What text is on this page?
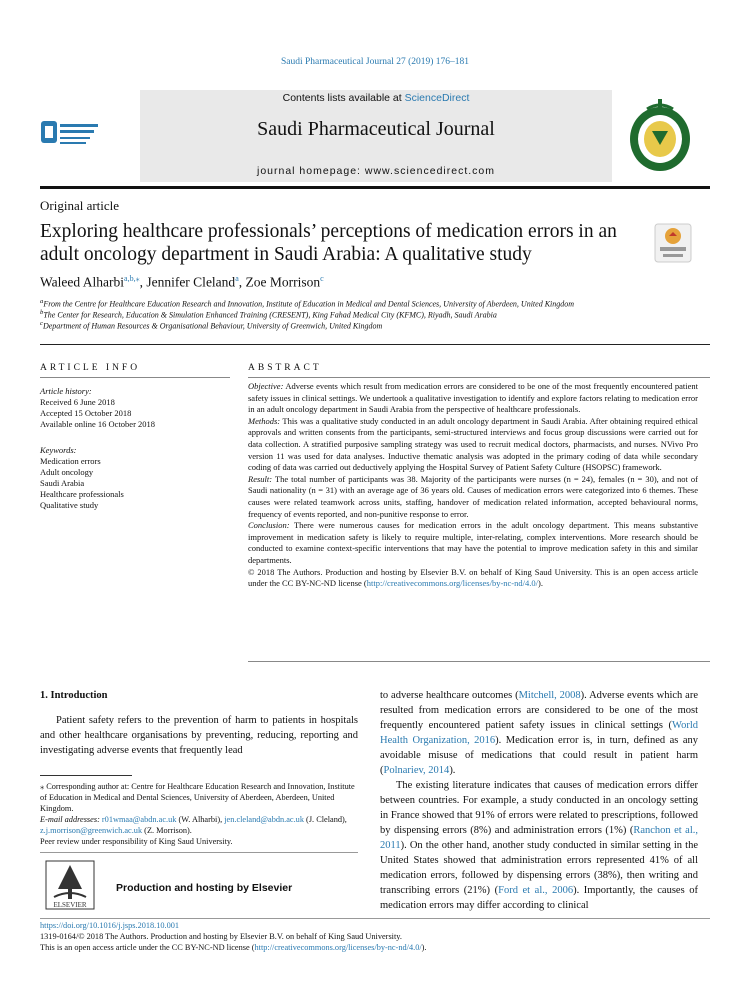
Saudi Pharmaceutical Journal 27 (2019) 176–181
Contents lists available at ScienceDirect
Saudi Pharmaceutical Journal
journal homepage: www.sciencedirect.com
Original article
Exploring healthcare professionals’ perceptions of medication errors in an adult oncology department in Saudi Arabia: A qualitative study
Waleed Alharbi$^{a,b,⁎}$, Jennifer Cleland$^a$, Zoe Morrison$^c$
$^a$From the Centre for Healthcare Education Research and Innovation, Institute of Education in Medical and Dental Sciences, University of Aberdeen, United Kingdom
$^b$The Center for Research, Education & Simulation Enhanced Training (CRESENT), King Fahad Medical City (KFMC), Riyadh, Saudi Arabia
$^c$Department of Human Resources & Organisational Behaviour, University of Greenwich, United Kingdom
ARTICLE INFO
Article history:
Received 6 June 2018
Accepted 15 October 2018
Available online 16 October 2018
Keywords:
Medication errors
Adult oncology
Saudi Arabia
Healthcare professionals
Qualitative study
ABSTRACT

Objective: Adverse events which result from medication errors are considered to be one of the most frequently encountered patient safety issues in clinical settings. We undertook a qualitative investigation to identify and explore factors relating to medication error in an adult oncology department in Saudi Arabia from the perspective of healthcare professionals.

Methods: This was a qualitative study conducted in an adult oncology department in Saudi Arabia. After obtaining required ethical approvals and written consents from the participants, semi-structured interviews and focus group discussions were carried out for data collection. A stratified purposive sampling strategy was used to recruit medical doctors, pharmacists, and nurses. NVivo Pro version 11 was used for data analyses. Inductive thematic analysis was adopted in the primary coding of data while secondary coding of data was carried out deductively applying the Hospital Survey of Patient Safety Culture (HSOPSC) framework.

Result: The total number of participants was 38. Majority of the participants were nurses (n = 24), females (n = 30), and not of Saudi nationality (n = 31) with an average age of 36 years old. Causes of medication errors were categorized into 6 themes. These causes were related teamwork across units, staffing, handover of medication related information, accepted behavioural norms, frequency of events reported, and non-punitive response to error.

Conclusion: There were numerous causes for medication errors in the adult oncology department. This means substantive improvement in medication safety is likely to require multiple, inter-relating, complex interventions. More research should be conducted to examine context-specific interventions that may have the potential to improve medication safety in this and similar departments.

© 2018 The Authors. Production and hosting by Elsevier B.V. on behalf of King Saud University. This is an open access article under the CC BY-NC-ND license (http://creativecommons.org/licenses/by-nc-nd/4.0/).

1. Introduction

Patient safety refers to the prevention of harm to patients in hospitals and other healthcare organisations by preventing, reducing, reporting and investigating adverse events that frequently lead

⁎ Corresponding author at: Centre for Healthcare Education Research and Innovation, Institute of Education in Medical and Dental Sciences, University of Aberdeen, Aberdeen, United Kingdom.

E-mail addresses: r01wmaa@abdn.ac.uk (W. Alharbi), jen.cleland@abdn.ac.uk (J. Cleland), z.j.morrison@greenwich.ac.uk (Z. Morrison).

Peer review under responsibility of King Saud University.

ELSEVIER
Production and hosting by Elsevier

to adverse healthcare outcomes (Mitchell, 2008). Adverse events which are resulted from medication errors are considered to be one of the most frequently encountered patient safety issues in clinical settings (World Health Organization, 2016). Medication error is, in turn, defined as any avoidable misuse of medications that could result in patient harm (Polnariev, 2014).

The existing literature indicates that causes of medication errors differ between countries. For example, a study conducted in an oncology setting in France showed that 91% of errors were related to prescriptions, followed by dispensing errors (8%) and administration errors (1%) (Ranchon et al., 2011). On the other hand, another study conducted in similar setting in the United States showed that administration errors represented 41% of all medication errors, followed by dispensing errors (38%), then writing and transcribing errors (21%) (Ford et al., 2006). Importantly, the causes of medication errors may differ according to clinical

https://doi.org/10.1016/j.jsps.2018.10.001
1319-0164/© 2018 The Authors. Production and hosting by Elsevier B.V. on behalf of King Saud University.
This is an open access article under the CC BY-NC-ND license (http://creativecommons.org/licenses/by-nc-nd/4.0/).
